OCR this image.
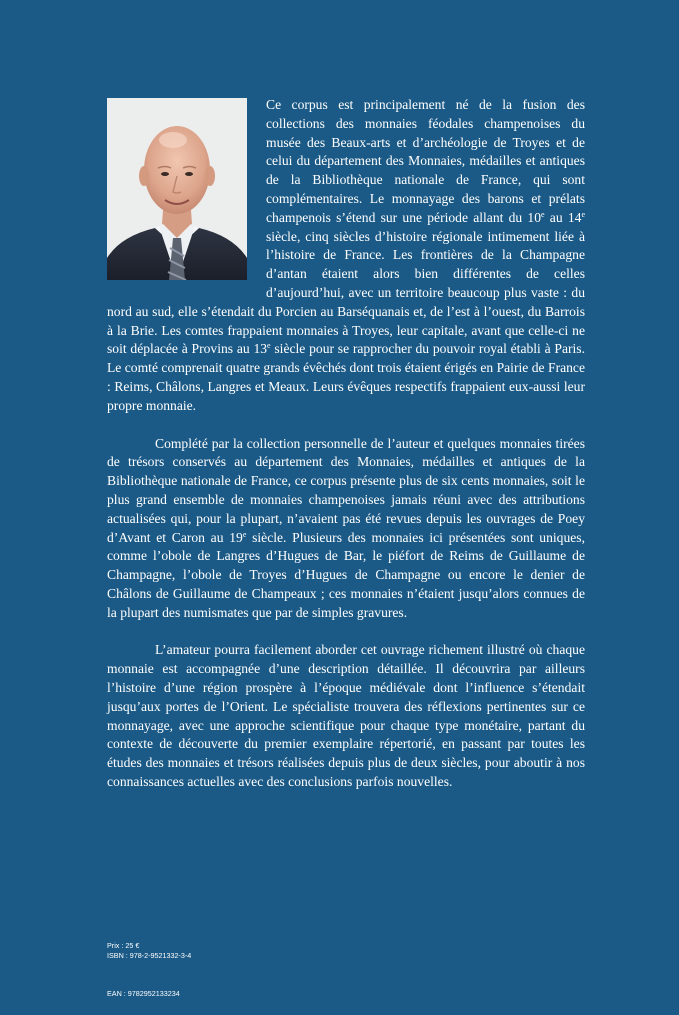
Ce corpus est principalement né de la fusion des collections des monnaies féodales champenoises du musée des Beaux-arts et d’archéologie de Troyes et de celui du département des Monnaies, médailles et antiques de la Bibliothèque nationale de France, qui sont complémentaires. Le monnayage des barons et prélats champenois s’étend sur une période allant du 10e au 14e siècle, cinq siècles d’histoire régionale intimement liée à l’histoire de France. Les frontières de la Champagne d’antan étaient alors bien différentes de celles d’aujourd’hui, avec un territoire beaucoup plus vaste : du nord au sud, elle s’étendait du Porcien au Barséquanais et, de l’est à l’ouest, du Barrois à la Brie. Les comtes frappaient monnaies à Troyes, leur capitale, avant que celle-ci ne soit déplacée à Provins au 13e siècle pour se rapprocher du pouvoir royal établi à Paris. Le comté comprenait quatre grands évêchés dont trois étaient érigés en Pairie de France : Reims, Châlons, Langres et Meaux. Leurs évêques respectifs frappaient eux-aussi leur propre monnaie.

Complété par la collection personnelle de l’auteur et quelques monnaies tirées de trésors conservés au département des Monnaies, médailles et antiques de la Bibliothèque nationale de France, ce corpus présente plus de six cents monnaies, soit le plus grand ensemble de monnaies champenoises jamais réuni avec des attributions actualisées qui, pour la plupart, n’avaient pas été revues depuis les ouvrages de Poey d’Avant et Caron au 19e siècle. Plusieurs des monnaies ici présentées sont uniques, comme l’obole de Langres d’Hugues de Bar, le piéfort de Reims de Guillaume de Champagne, l’obole de Troyes d’Hugues de Champagne ou encore le denier de Châlons de Guillaume de Champeaux ; ces monnaies n’étaient jusqu’alors connues de la plupart des numismates que par de simples gravures.

L’amateur pourra facilement aborder cet ouvrage richement illustré où chaque monnaie est accompagnée d’une description détaillée. Il découvrira par ailleurs l’histoire d’une région prospère à l’époque médiévale dont l’influence s’étendait jusqu’aux portes de l’Orient. Le spécialiste trouvera des réflexions pertinentes sur ce monnayage, avec une approche scientifique pour chaque type monétaire, partant du contexte de découverte du premier exemplaire répertorié, en passant par toutes les études des monnaies et trésors réalisées depuis plus de deux siècles, pour aboutir à nos connaissances actuelles avec des conclusions parfois nouvelles.

Prix : 25 €
ISBN : 978-2-9521332-3-4
EAN : 9782952133234
